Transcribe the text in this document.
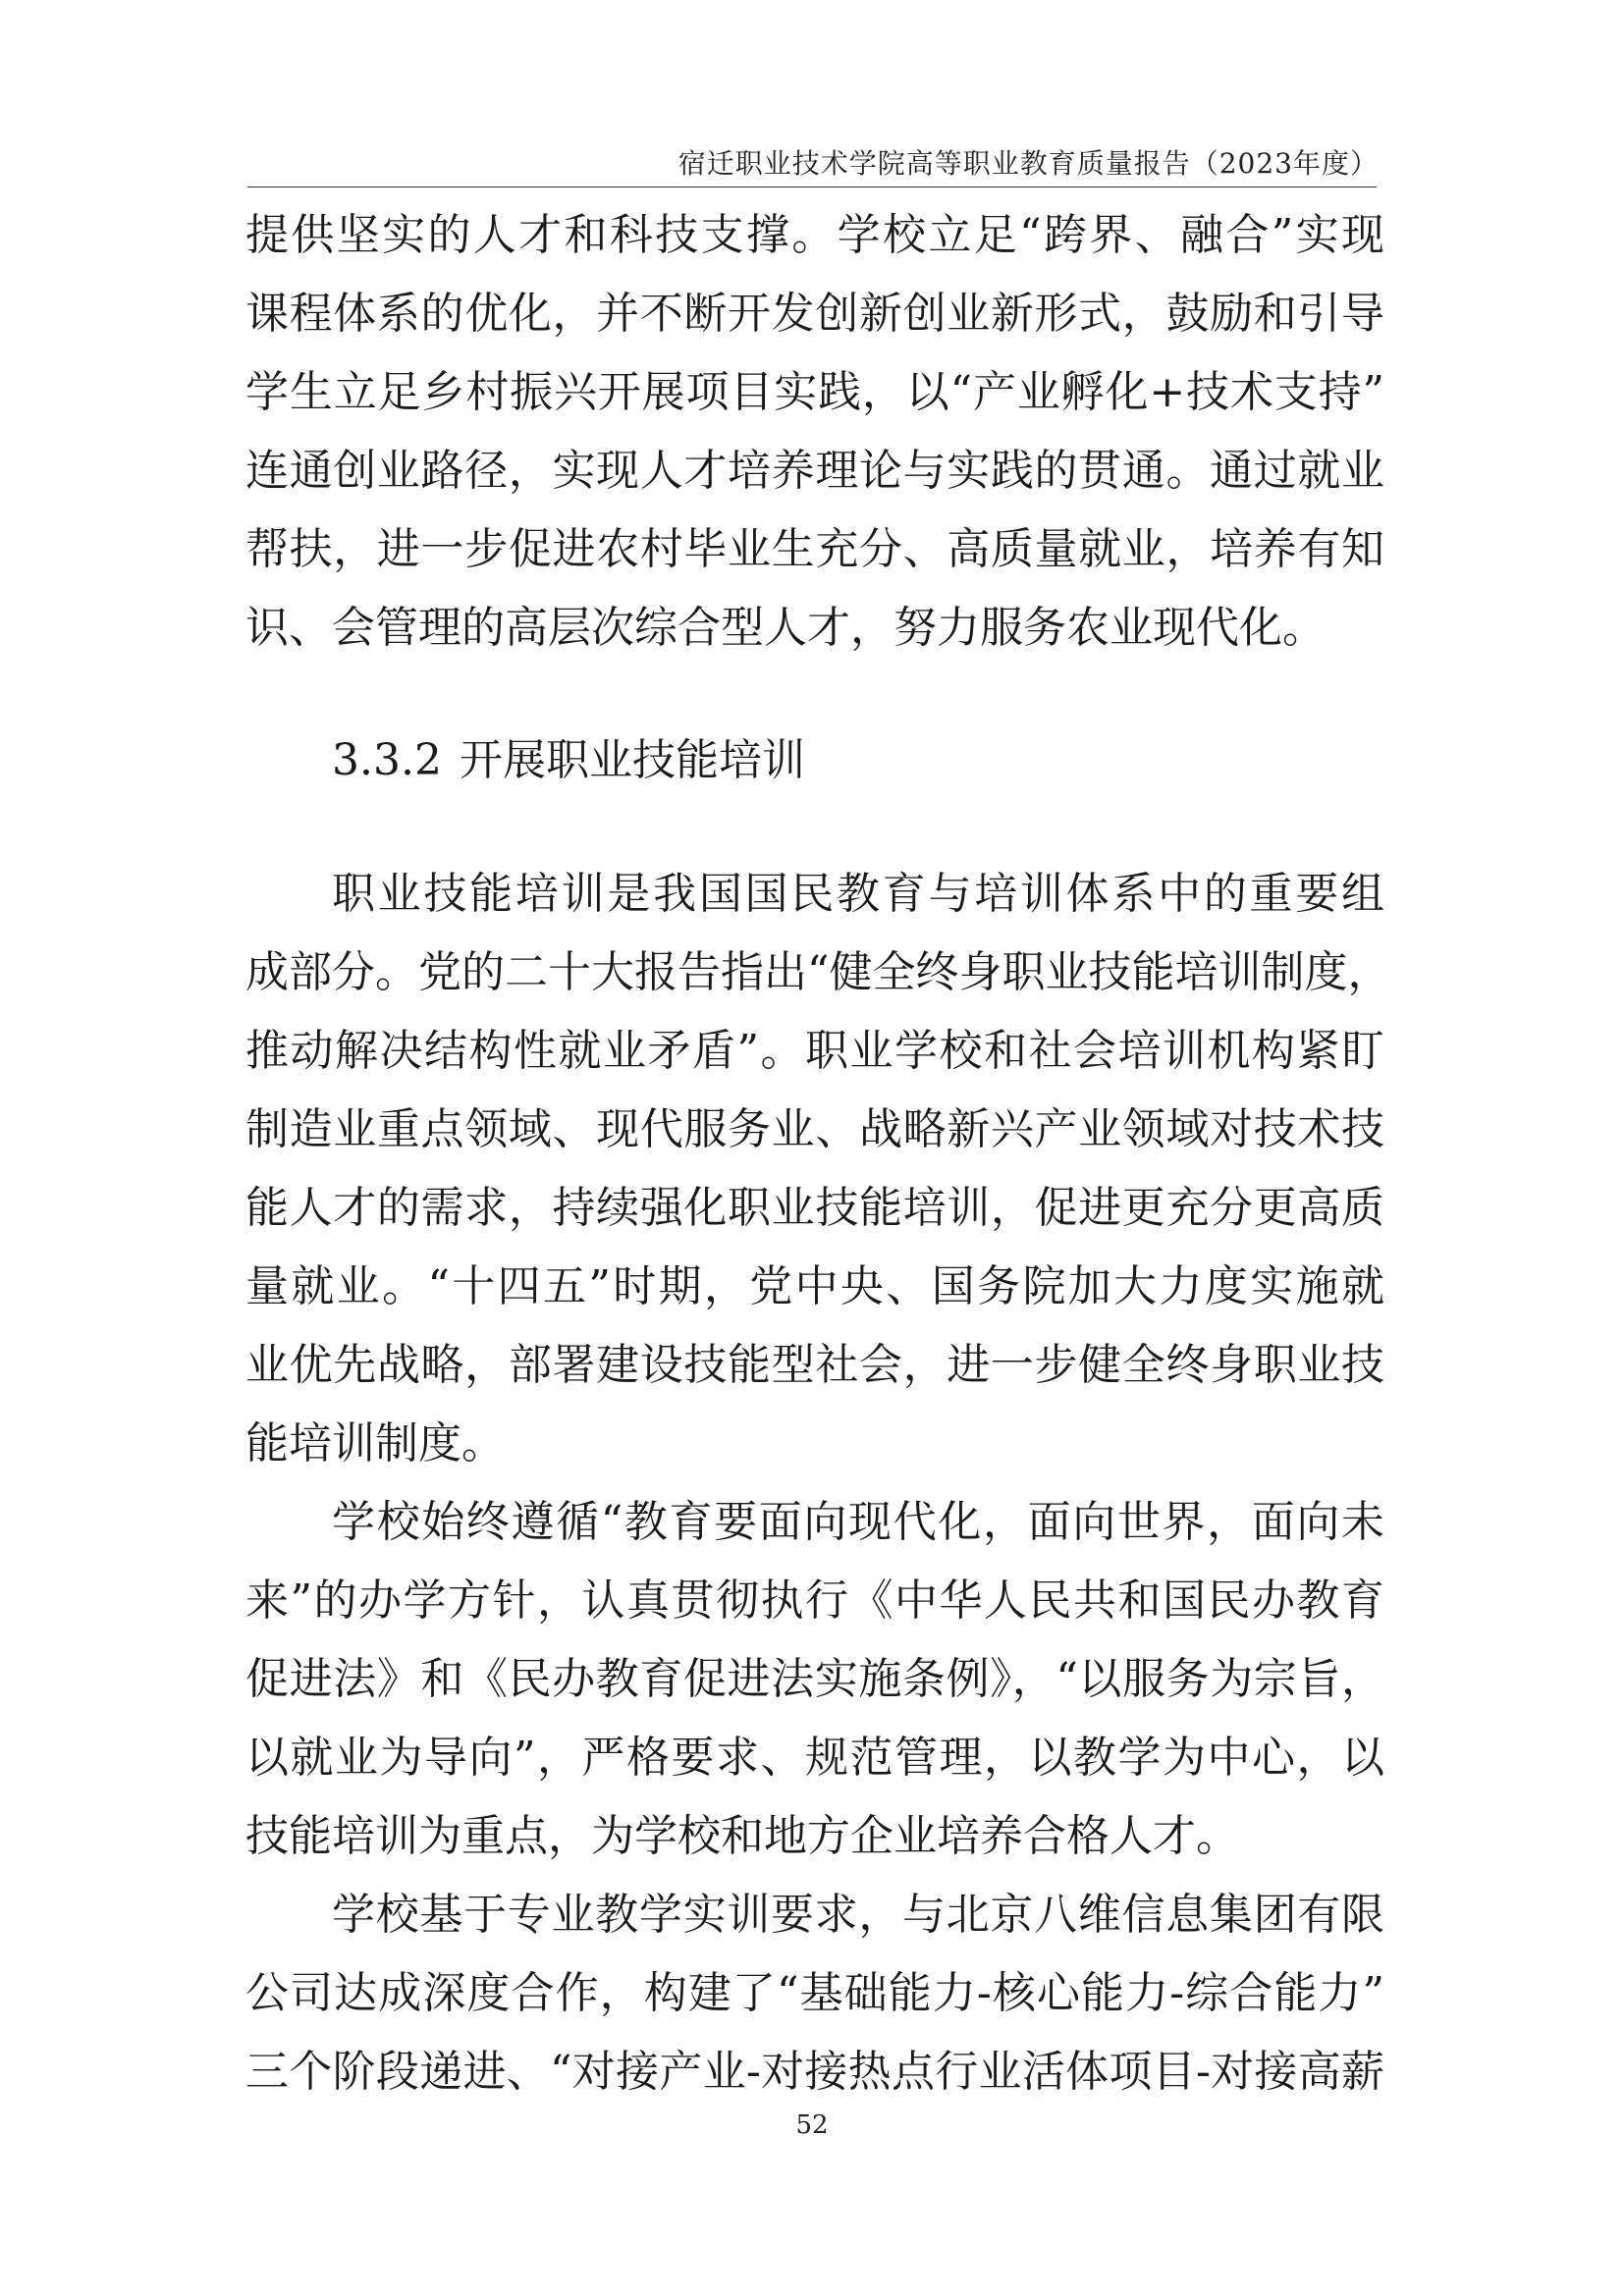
宿迁职业技术学院高等职业教育质量报告（2023年度）
提供坚实的人才和科技支撑。学校立足“跨界、融合”实现
课程体系的优化，并不断开发创新创业新形式，鼓励和引导
学生立足乡村振兴开展项目实践，以“产业孵化+技术支持”
连通创业路径，实现人才培养理论与实践的贯通。通过就业
帮扶，进一步促进农村毕业生充分、高质量就业，培养有知
识、会管理的高层次综合型人才，努力服务农业现代化。
3.3.2 开展职业技能培训
职业技能培训是我国国民教育与培训体系中的重要组
成部分。党的二十大报告指出“健全终身职业技能培训制度，
推动解决结构性就业矛盾”。职业学校和社会培训机构紧盯
制造业重点领域、现代服务业、战略新兴产业领域对技术技
能人才的需求，持续强化职业技能培训，促进更充分更高质
量就业。“十四五”时期，党中央、国务院加大力度实施就
业优先战略，部署建设技能型社会，进一步健全终身职业技
能培训制度。
学校始终遵循“教育要面向现代化，面向世界，面向未
来”的办学方针，认真贯彻执行《中华人民共和国民办教育
促进法》和《民办教育促进法实施条例》，“以服务为宗旨，
以就业为导向”，严格要求、规范管理，以教学为中心，以
技能培训为重点，为学校和地方企业培养合格人才。
学校基于专业教学实训要求，与北京八维信息集团有限
公司达成深度合作，构建了“基础能力-核心能力-综合能力”
三个阶段递进、“对接产业-对接热点行业活体项目-对接高薪
52
